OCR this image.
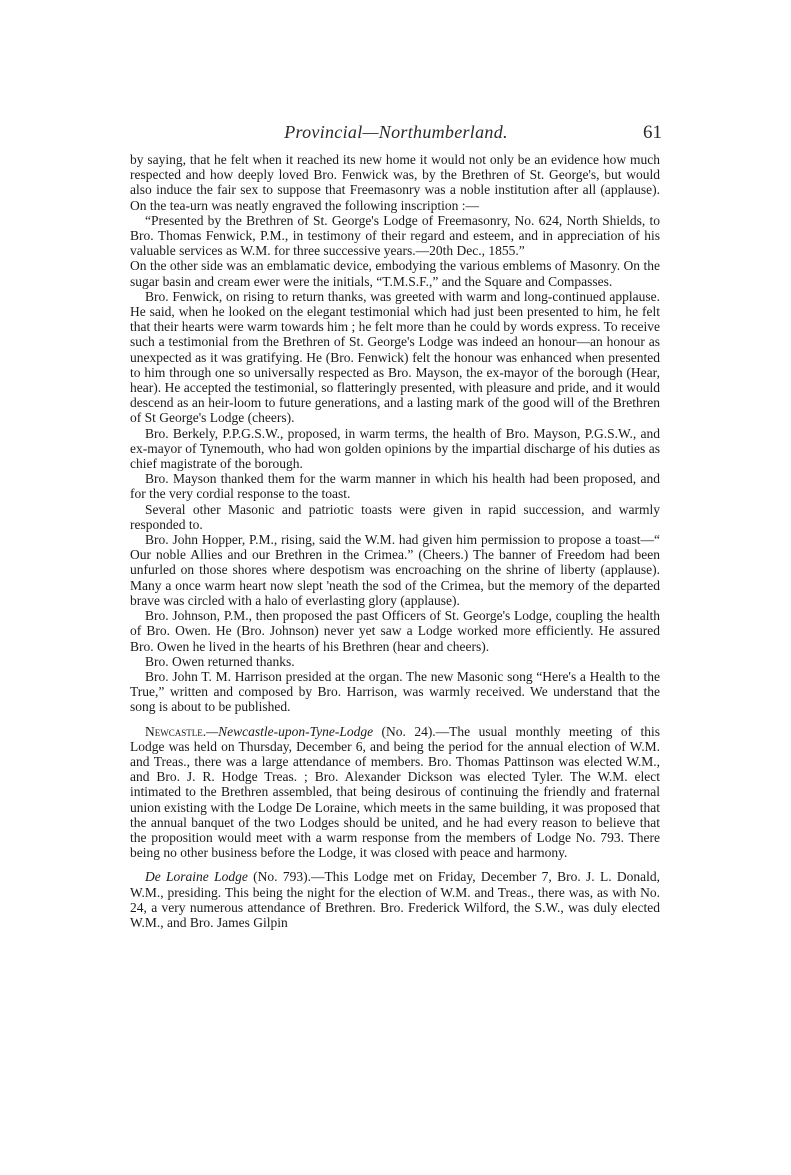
Provincial—Northumberland.	61

by saying, that he felt when it reached its new home it would not only be an evidence how much respected and how deeply loved Bro. Fenwick was, by the Brethren of St. George's, but would also induce the fair sex to suppose that Freemasonry was a noble institution after all (applause). On the tea-urn was neatly engraved the following inscription :—

“Presented by the Brethren of St. George's Lodge of Freemasonry, No. 624, North Shields, to Bro. Thomas Fenwick, P.M., in testimony of their regard and esteem, and in appreciation of his valuable services as W.M. for three successive years.—20th Dec., 1855.”

On the other side was an emblamatic device, embodying the various emblems of Masonry. On the sugar basin and cream ewer were the initials, “T.M.S.F.,” and the Square and Compasses.

Bro. Fenwick, on rising to return thanks, was greeted with warm and long-continued applause. He said, when he looked on the elegant testimonial which had just been presented to him, he felt that their hearts were warm towards him ; he felt more than he could by words express. To receive such a testimonial from the Brethren of St. George's Lodge was indeed an honour—an honour as unexpected as it was gratifying. He (Bro. Fenwick) felt the honour was enhanced when presented to him through one so universally respected as Bro. Mayson, the ex-mayor of the borough (Hear, hear). He accepted the testimonial, so flatteringly presented, with pleasure and pride, and it would descend as an heir-loom to future generations, and a lasting mark of the good will of the Brethren of St George's Lodge (cheers).

Bro. Berkely, P.P.G.S.W., proposed, in warm terms, the health of Bro. Mayson, P.G.S.W., and ex-mayor of Tynemouth, who had won golden opinions by the impartial discharge of his duties as chief magistrate of the borough.

Bro. Mayson thanked them for the warm manner in which his health had been proposed, and for the very cordial response to the toast.

Several other Masonic and patriotic toasts were given in rapid succession, and warmly responded to.

Bro. John Hopper, P.M., rising, said the W.M. had given him permission to propose a toast—“ Our noble Allies and our Brethren in the Crimea.” (Cheers.) The banner of Freedom had been unfurled on those shores where despotism was encroaching on the shrine of liberty (applause). Many a once warm heart now slept 'neath the sod of the Crimea, but the memory of the departed brave was circled with a halo of everlasting glory (applause).

Bro. Johnson, P.M., then proposed the past Officers of St. George's Lodge, coupling the health of Bro. Owen. He (Bro. Johnson) never yet saw a Lodge worked more efficiently. He assured Bro. Owen he lived in the hearts of his Brethren (hear and cheers).

Bro. Owen returned thanks.

Bro. John T. M. Harrison presided at the organ. The new Masonic song “Here's a Health to the True,” written and composed by Bro. Harrison, was warmly received. We understand that the song is about to be published.

Newcastle.—Newcastle-upon-Tyne-Lodge (No. 24).—The usual monthly meeting of this Lodge was held on Thursday, December 6, and being the period for the annual election of W.M. and Treas., there was a large attendance of members. Bro. Thomas Pattinson was elected W.M., and Bro. J. R. Hodge Treas. ; Bro. Alexander Dickson was elected Tyler. The W.M. elect intimated to the Brethren assembled, that being desirous of continuing the friendly and fraternal union existing with the Lodge De Loraine, which meets in the same building, it was proposed that the annual banquet of the two Lodges should be united, and he had every reason to believe that the proposition would meet with a warm response from the members of Lodge No. 793. There being no other business before the Lodge, it was closed with peace and harmony.

De Loraine Lodge (No. 793).—This Lodge met on Friday, December 7, Bro. J. L. Donald, W.M., presiding. This being the night for the election of W.M. and Treas., there was, as with No. 24, a very numerous attendance of Brethren. Bro. Frederick Wilford, the S.W., was duly elected W.M., and Bro. James Gilpin
